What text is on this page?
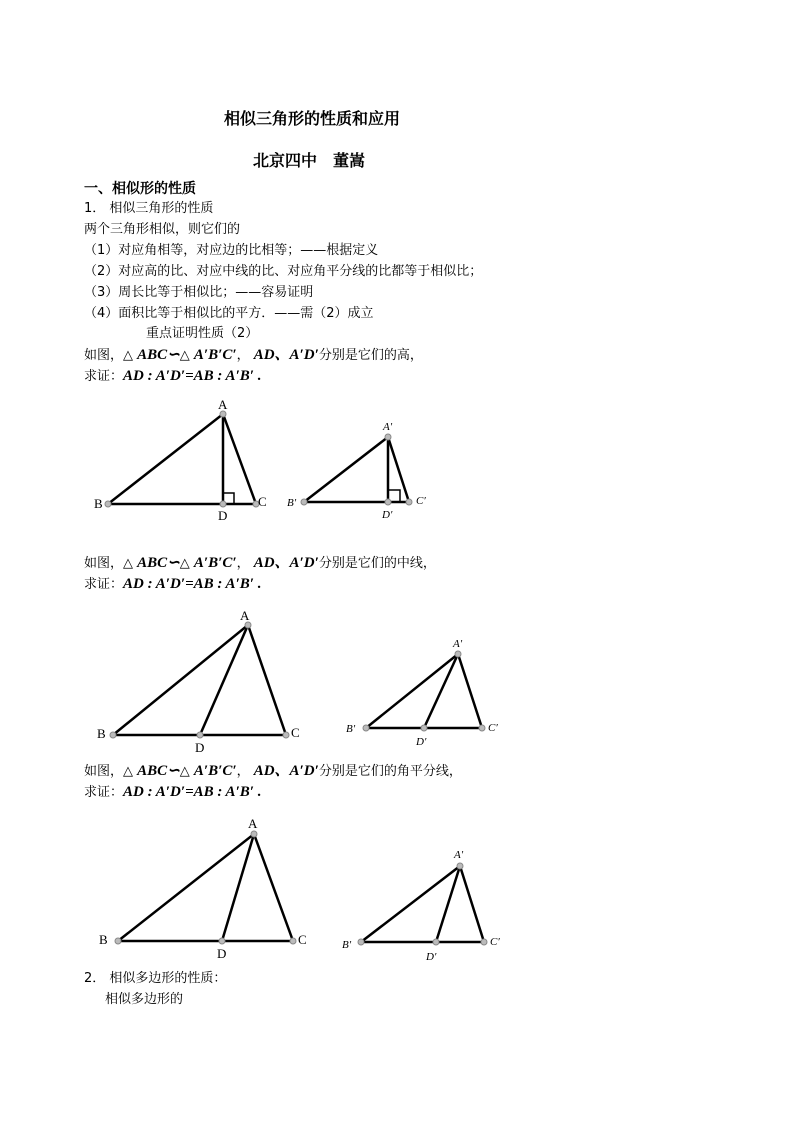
相似三角形的性质和应用
北京四中　董嵩
一、相似形的性质
1． 相似三角形的性质
两个三角形相似，则它们的
（1）对应角相等，对应边的比相等；——根据定义
（2）对应高的比、对应中线的比、对应角平分线的比都等于相似比；
（3）周长比等于相似比；——容易证明
（4）面积比等于相似比的平方．——需（2）成立
重点证明性质（2）
如图，△ ABC∽△ A′B′C′， AD、A′D′分别是它们的高，
求证：AD : A′D′=AB : A′B′ .
A
B	C
D
A′
B′	C′
D′
如图，△ ABC∽△ A′B′C′， AD、A′D′分别是它们的中线，
求证：AD : A′D′=AB : A′B′ .
A
B	C
D
A′
B′	C′
D′
如图，△ ABC∽△ A′B′C′， AD、A′D′分别是它们的角平分线，
求证：AD : A′D′=AB : A′B′ .
A
B	C
D
A′
B′	C′
D′
2． 相似多边形的性质：
相似多边形的
